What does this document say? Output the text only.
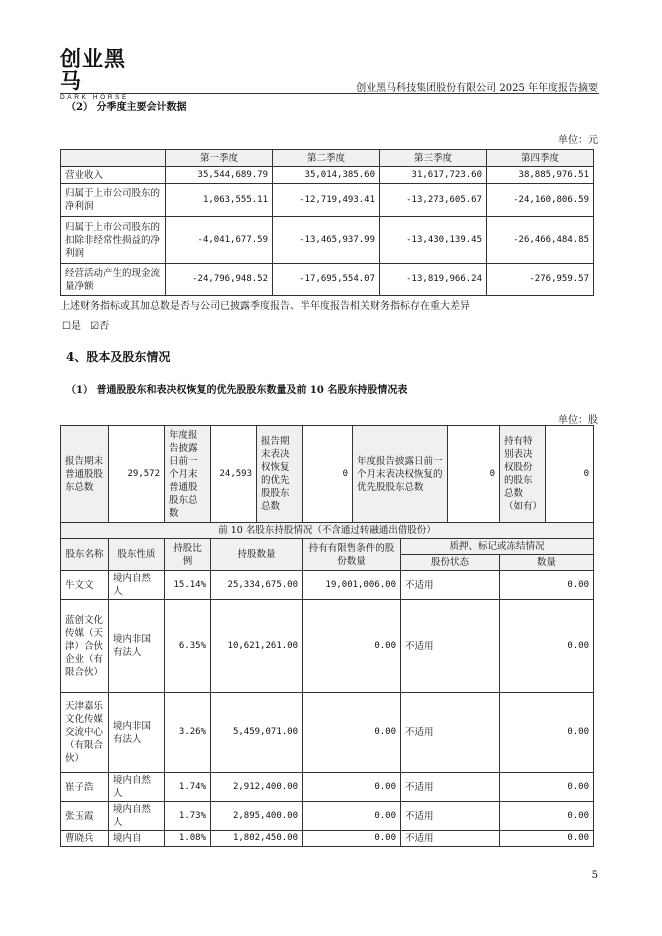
创业黑马
DARK HORSE
创业黑马科技集团股份有限公司 2025 年年度报告摘要
（2） 分季度主要会计数据
单位：元
	第一季度	第二季度	第三季度	第四季度
营业收入	35,544,689.79	35,014,385.60	31,617,723.60	38,885,976.51
归属于上市公司股东的净利润	1,063,555.11	-12,719,493.41	-13,273,605.67	-24,160,806.59
归属于上市公司股东的扣除非经常性损益的净利润	-4,041,677.59	-13,465,937.99	-13,430,139.45	-26,466,484.85
经营活动产生的现金流量净额	-24,796,948.52	-17,695,554.07	-13,819,966.24	-276,959.57
上述财务指标或其加总数是否与公司已披露季度报告、半年度报告相关财务指标存在重大差异
☐是 ☑否
4、股本及股东情况
（1） 普通股股东和表决权恢复的优先股股东数量及前 10 名股东持股情况表
单位：股
报告期末普通股股东总数	29,572	年度报告披露日前一个月末普通股股东总数	24,593	报告期末表决权恢复的优先股股东总数	0	年度报告披露日前一个月末表决权恢复的优先股股东总数		0	持有特别表决权股份的股东总数（如有）	0
前 10 名股东持股情况（不含通过转融通出借股份）										
股东名称	股东性质	持股比例	持股数量		持有有限售条件的股份数量		质押、标记或冻结情况			
							股份状态		数量	
牛文文	境内自然人	15.14%	25,334,675.00		19,001,006.00		不适用		0.00	
蓝创文化传媒（天津）合伙企业（有限合伙）	境内非国有法人	6.35%	10,621,261.00		0.00		不适用		0.00	
天津嘉乐文化传媒交流中心（有限合伙）	境内非国有法人	3.26%	5,459,071.00		0.00		不适用		0.00	
崔子浩	境内自然人	1.74%	2,912,400.00		0.00		不适用		0.00	
张玉霞	境内自然人	1.73%	2,895,400.00		0.00		不适用		0.00	
曹晓兵	境内自	1.08%	1,802,450.00		0.00		不适用		0.00	
5
